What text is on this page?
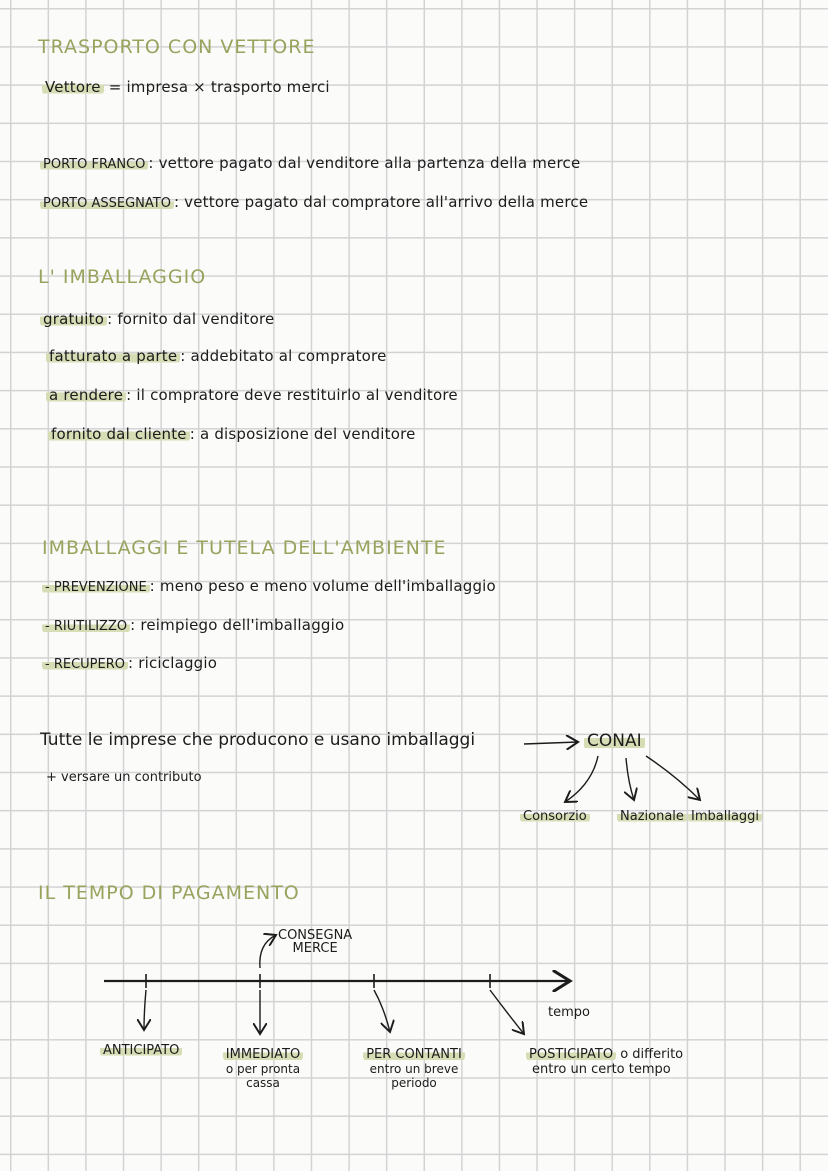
TRASPORTO CON VETTORE
Vettore = impresa × trasporto merci
PORTO FRANCO : vettore pagato dal venditore alla partenza della merce
PORTO ASSEGNATO : vettore pagato dal compratore all'arrivo della merce
L' IMBALLAGGIO
gratuito : fornito dal venditore
fatturato a parte : addebitato al compratore
a rendere : il compratore deve restituirlo al venditore
fornito dal cliente : a disposizione del venditore
IMBALLAGGI E TUTELA DELL'AMBIENTE
- PREVENZIONE : meno peso e meno volume dell'imballaggio
- RIUTILIZZO : reimpiego dell'imballaggio
- RECUPERO : riciclaggio
Tutte le imprese che producono e usano imballaggi
+ versare un contributo
CONAI
Consorzio	Nazionale Imballaggi
IL TEMPO DI PAGAMENTO
CONSEGNA
MERCE
tempo
ANTICIPATO	IMMEDIATO
o per pronta
cassa
PER CONTANTI
entro un breve
periodo
POSTICIPATO o differito
entro un certo tempo
